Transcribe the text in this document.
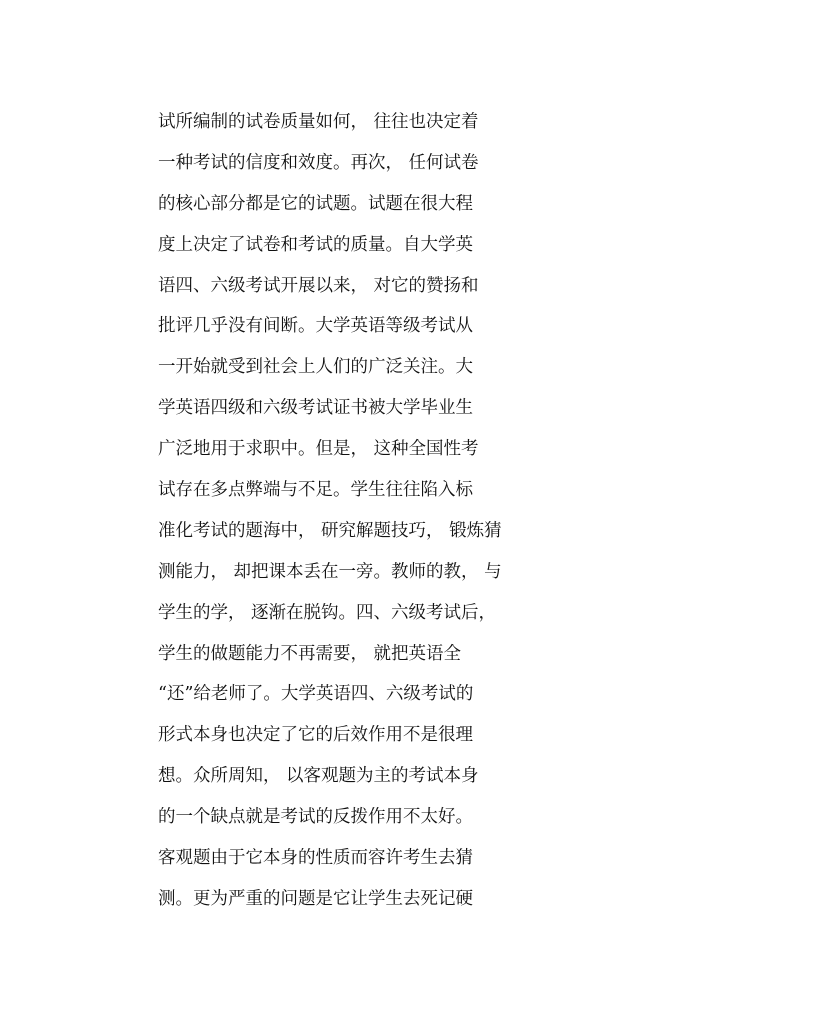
试所编制的试卷质量如何， 往往也决定着
一种考试的信度和效度。再次， 任何试卷
的核心部分都是它的试题。试题在很大程
度上决定了试卷和考试的质量。自大学英
语四、六级考试开展以来， 对它的赞扬和
批评几乎没有间断。大学英语等级考试从
一开始就受到社会上人们的广泛关注。大
学英语四级和六级考试证书被大学毕业生
广泛地用于求职中。但是， 这种全国性考
试存在多点弊端与不足。学生往往陷入标
准化考试的题海中， 研究解题技巧， 锻炼猜
测能力， 却把课本丢在一旁。教师的教， 与
学生的学， 逐渐在脱钩。四、六级考试后，
学生的做题能力不再需要， 就把英语全
“还”给老师了。大学英语四、六级考试的
形式本身也决定了它的后效作用不是很理
想。众所周知， 以客观题为主的考试本身
的一个缺点就是考试的反拨作用不太好。
客观题由于它本身的性质而容许考生去猜
测。更为严重的问题是它让学生去死记硬
